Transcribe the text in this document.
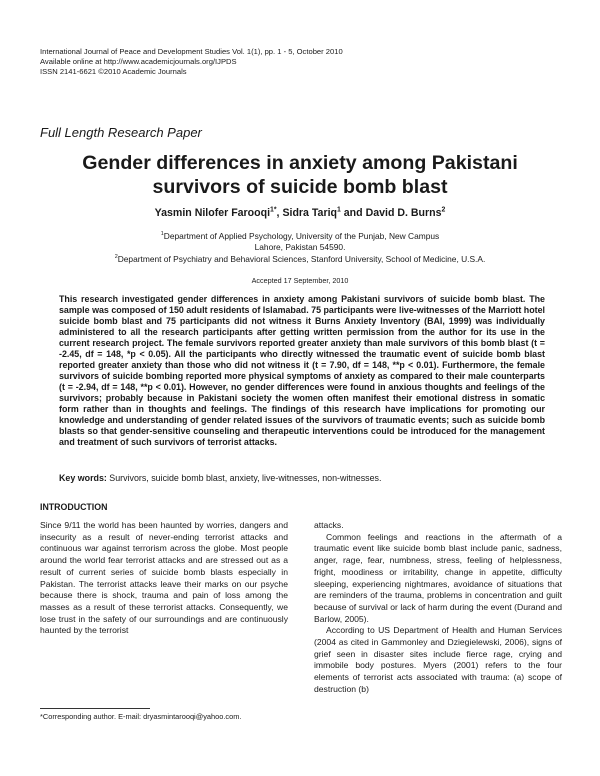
International Journal of Peace and Development Studies Vol. 1(1), pp. 1 - 5, October 2010
Available online at http://www.academicjournals.org/IJPDS
ISSN 2141-6621 ©2010 Academic Journals
Full Length Research Paper
Gender differences in anxiety among Pakistani
survivors of suicide bomb blast
Yasmin Nilofer Farooqi$^{1*}$, Sidra Tariq$^1$ and David D. Burns$^2$
$^1$Department of Applied Psychology, University of the Punjab, New Campus
Lahore, Pakistan 54590.
$^2$Department of Psychiatry and Behavioral Sciences, Stanford University, School of Medicine, U.S.A.
Accepted 17 September, 2010
This research investigated gender differences in anxiety among Pakistani survivors of suicide bomb blast. The sample was composed of 150 adult residents of Islamabad. 75 participants were live-witnesses of the Marriott hotel suicide bomb blast and 75 participants did not witness it Burns Anxiety Inventory (BAI, 1999) was individually administered to all the research participants after getting written permission from the author for its use in the current research project. The female survivors reported greater anxiety than male survivors of this bomb blast (t = -2.45, df = 148, *p < 0.05). All the participants who directly witnessed the traumatic event of suicide bomb blast reported greater anxiety than those who did not witness it (t = 7.90, df = 148, **p < 0.01). Furthermore, the female survivors of suicide bombing reported more physical symptoms of anxiety as compared to their male counterparts (t = -2.94, df = 148, **p < 0.01). However, no gender differences were found in anxious thoughts and feelings of the survivors; probably because in Pakistani society the women often manifest their emotional distress in somatic form rather than in thoughts and feelings. The findings of this research have implications for promoting our knowledge and understanding of gender related issues of the survivors of traumatic events; such as suicide bomb blasts so that gender-sensitive counseling and therapeutic interventions could be introduced for the management and treatment of such survivors of terrorist attacks.
Key words: Survivors, suicide bomb blast, anxiety, live-witnesses, non-witnesses.
INTRODUCTION

Since 9/11 the world has been haunted by worries, dangers and insecurity as a result of never-ending terrorist attacks and continuous war against terrorism across the globe. Most people around the world fear terrorist attacks and are stressed out as a result of current series of suicide bomb blasts especially in Pakistan. The terrorist attacks leave their marks on our psyche because there is shock, trauma and pain of loss among the masses as a result of these terrorist attacks. Consequently, we lose trust in the safety of our surroundings and are continuously haunted by the terrorist

attacks.

Common feelings and reactions in the aftermath of a traumatic event like suicide bomb blast include panic, sadness, anger, rage, fear, numbness, stress, feeling of helplessness, fright, moodiness or irritability, change in appetite, difficulty sleeping, experiencing nightmares, avoidance of situations that are reminders of the trauma, problems in concentration and guilt because of survival or lack of harm during the event (Durand and Barlow, 2005).

According to US Department of Health and Human Services (2004 as cited in Gammonley and Dziegielewski, 2006), signs of grief seen in disaster sites include fierce rage, crying and immobile body postures. Myers (2001) refers to the four elements of terrorist acts associated with trauma: (a) scope of destruction (b)

*Corresponding author. E-mail: dryasmintarooqi@yahoo.com.
